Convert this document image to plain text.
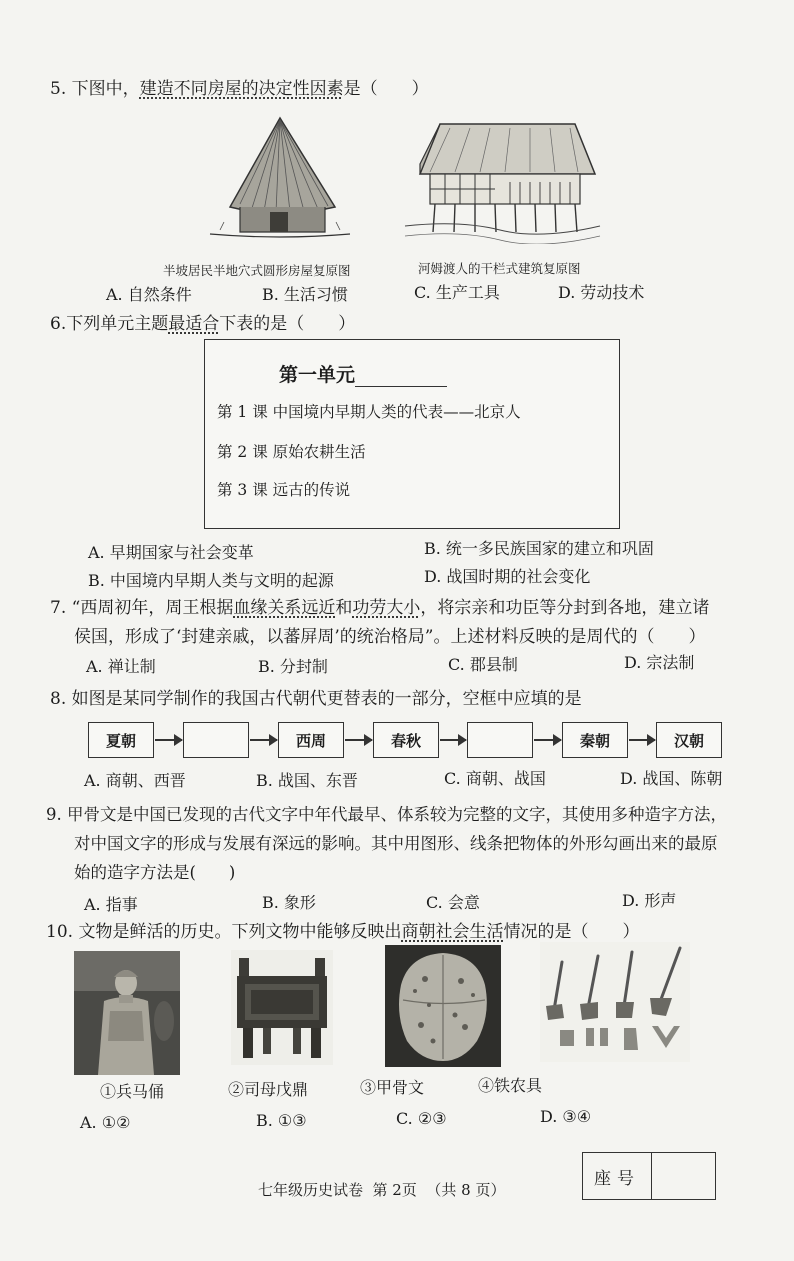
5. 下图中，建造不同房屋的决定性因素是（　　）
半坡居民半地穴式圆形房屋复原图	河姆渡人的干栏式建筑复原图
A. 自然条件	B. 生活习惯	C. 生产工具	D. 劳动技术
6.下列单元主题最适合下表的是（　　）
第一单元
第 1 课 中国境内早期人类的代表——北京人
第 2 课 原始农耕生活
第 3 课 远古的传说
A. 早期国家与社会变革	B. 统一多民族国家的建立和巩固
B. 中国境内早期人类与文明的起源	D. 战国时期的社会变化
7. “西周初年，周王根据血缘关系远近和功劳大小，将宗亲和功臣等分封到各地，建立诸
侯国，形成了‘封建亲戚，以蕃屏周’的统治格局”。上述材料反映的是周代的（　　）
A. 禅让制	B. 分封制	C. 郡县制	D. 宗法制
8. 如图是某同学制作的我国古代朝代更替表的一部分，空框中应填的是
夏朝	西周	春秋	秦朝	汉朝
A. 商朝、西晋	B. 战国、东晋	C. 商朝、战国	D. 战国、陈朝
9. 甲骨文是中国已发现的古代文字中年代最早、体系较为完整的文字，其使用多种造字方法，
对中国文字的形成与发展有深远的影响。其中用图形、线条把物体的外形勾画出来的最原
始的造字方法是(　　)
A. 指事	B. 象形	C. 会意	D. 形声
10. 文物是鲜活的历史。下列文物中能够反映出商朝社会生活情况的是（　　）
①兵马俑	②司母戊鼎	③甲骨文	④铁农具
A. ①②	B. ①③	C. ②③	D. ③④
七年级历史试卷  第 2页  （共 8 页）
座号
